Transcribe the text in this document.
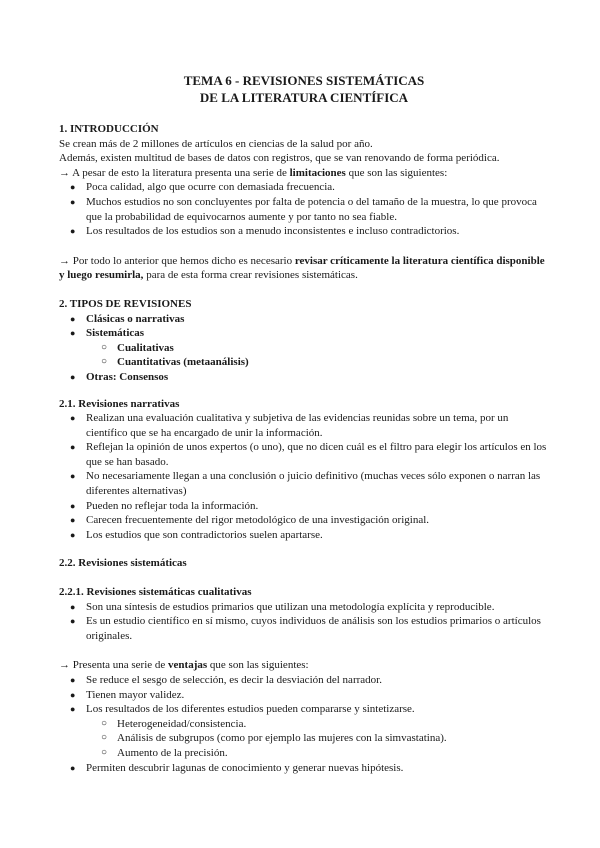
TEMA 6 - REVISIONES SISTEMÁTICAS
DE LA LITERATURA CIENTÍFICA
1. INTRODUCCIÓN
Se crean más de 2 millones de artículos en ciencias de la salud por año.
Además, existen multitud de bases de datos con registros, que se van renovando de forma periódica.
→ A pesar de esto la literatura presenta una serie de limitaciones que son las siguientes:
● Poca calidad, algo que ocurre con demasiada frecuencia.
● Muchos estudios no son concluyentes por falta de potencia o del tamaño de la muestra, lo que provoca que la probabilidad de equivocarnos aumente y por tanto no sea fiable.
● Los resultados de los estudios son a menudo inconsistentes e incluso contradictorios.
→ Por todo lo anterior que hemos dicho es necesario revisar críticamente la literatura científica disponible y luego resumirla, para de esta forma crear revisiones sistemáticas.
2. TIPOS DE REVISIONES
● Clásicas o narrativas
● Sistemáticas
○ Cualitativas
○ Cuantitativas (metaanálisis)
● Otras: Consensos
2.1. Revisiones narrativas
● Realizan una evaluación cualitativa y subjetiva de las evidencias reunidas sobre un tema, por un científico que se ha encargado de unir la información.
● Reflejan la opinión de unos expertos (o uno), que no dicen cuál es el filtro para elegir los artículos en los que se han basado.
● No necesariamente llegan a una conclusión o juicio definitivo (muchas veces sólo exponen o narran las diferentes alternativas)
● Pueden no reflejar toda la información.
● Carecen frecuentemente del rigor metodológico de una investigación original.
● Los estudios que son contradictorios suelen apartarse.
2.2. Revisiones sistemáticas
2.2.1. Revisiones sistemáticas cualitativas
● Son una síntesis de estudios primarios que utilizan una metodología explícita y reproducible.
● Es un estudio científico en sí mismo, cuyos individuos de análisis son los estudios primarios o artículos originales.
→ Presenta una serie de ventajas que son las siguientes:
● Se reduce el sesgo de selección, es decir la desviación del narrador.
● Tienen mayor validez.
● Los resultados de los diferentes estudios pueden compararse y sintetizarse.
○ Heterogeneidad/consistencia.
○ Análisis de subgrupos (como por ejemplo las mujeres con la simvastatina).
○ Aumento de la precisión.
● Permiten descubrir lagunas de conocimiento y generar nuevas hipótesis.
